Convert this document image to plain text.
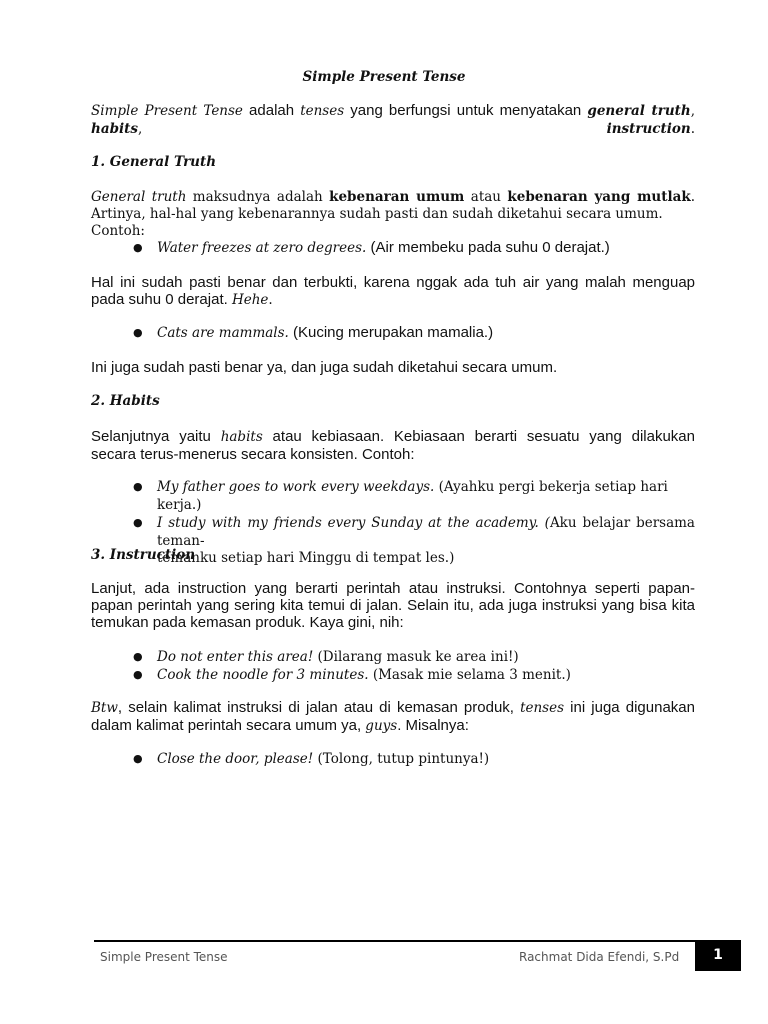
Simple Present Tense
Simple Present Tense adalah tenses yang berfungsi untuk menyatakan general truth, habits, instruction.
1. General Truth
General truth maksudnya adalah kebenaran umum atau kebenaran yang mutlak.
Artinya, hal-hal yang kebenarannya sudah pasti dan sudah diketahui secara umum. Contoh:
● Water freezes at zero degrees. (Air membeku pada suhu 0 derajat.)
Hal ini sudah pasti benar dan terbukti, karena nggak ada tuh air yang malah menguap
pada suhu 0 derajat. Hehe.
● Cats are mammals. (Kucing merupakan mamalia.)
Ini juga sudah pasti benar ya, dan juga sudah diketahui secara umum.
2. Habits
Selanjutnya yaitu habits atau kebiasaan. Kebiasaan berarti sesuatu yang dilakukan
secara terus-menerus secara konsisten. Contoh:
● My father goes to work every weekdays. (Ayahku pergi bekerja setiap hari kerja.)
● I study with my friends every Sunday at the academy. (Aku belajar bersama teman-
temanku setiap hari Minggu di tempat les.)
3. Instruction
Lanjut, ada instruction yang berarti perintah atau instruksi. Contohnya seperti papan-
papan perintah yang sering kita temui di jalan. Selain itu, ada juga instruksi yang bisa kita
temukan pada kemasan produk. Kaya gini, nih:
● Do not enter this area! (Dilarang masuk ke area ini!)
● Cook the noodle for 3 minutes. (Masak mie selama 3 menit.)
Btw, selain kalimat instruksi di jalan atau di kemasan produk, tenses ini juga digunakan
dalam kalimat perintah secara umum ya, guys. Misalnya:
● Close the door, please! (Tolong, tutup pintunya!)
Simple Present Tense	Rachmat Dida Efendi, S.Pd	1
